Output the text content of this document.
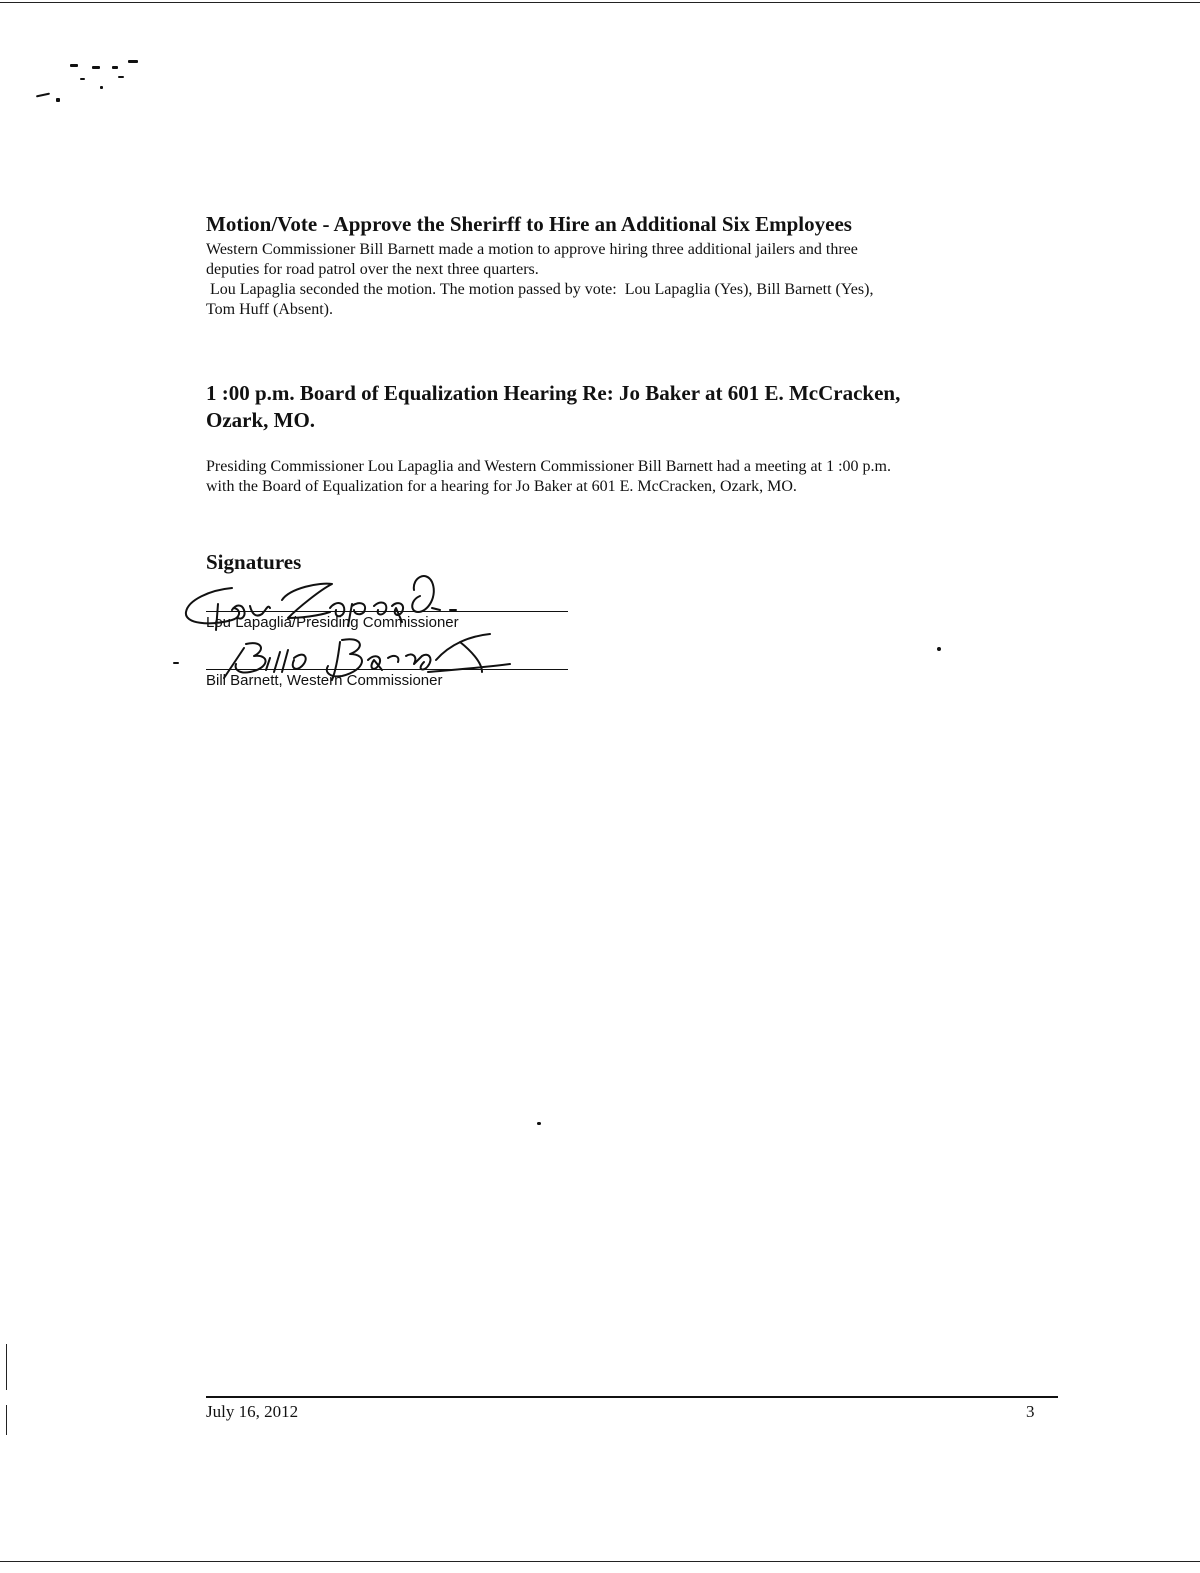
Motion/Vote - Approve the Sherirff to Hire an Additional Six Employees

Western Commissioner Bill Barnett made a motion to approve hiring three additional jailers and three

deputies for road patrol over the next three quarters.

Lou Lapaglia seconded the motion. The motion passed by vote:  Lou Lapaglia (Yes), Bill Barnett (Yes),

Tom Huff (Absent).

1 :00 p.m. Board of Equalization Hearing Re: Jo Baker at 601 E. McCracken,

Ozark, MO.

Presiding Commissioner Lou Lapaglia and Western Commissioner Bill Barnett had a meeting at 1 :00 p.m.

with the Board of Equalization for a hearing for Jo Baker at 601 E. McCracken, Ozark, MO.

Signatures
Lou Lapaglia/Presiding Commissioner
Bill Barnett, Western Commissioner
July 16, 2012	3
